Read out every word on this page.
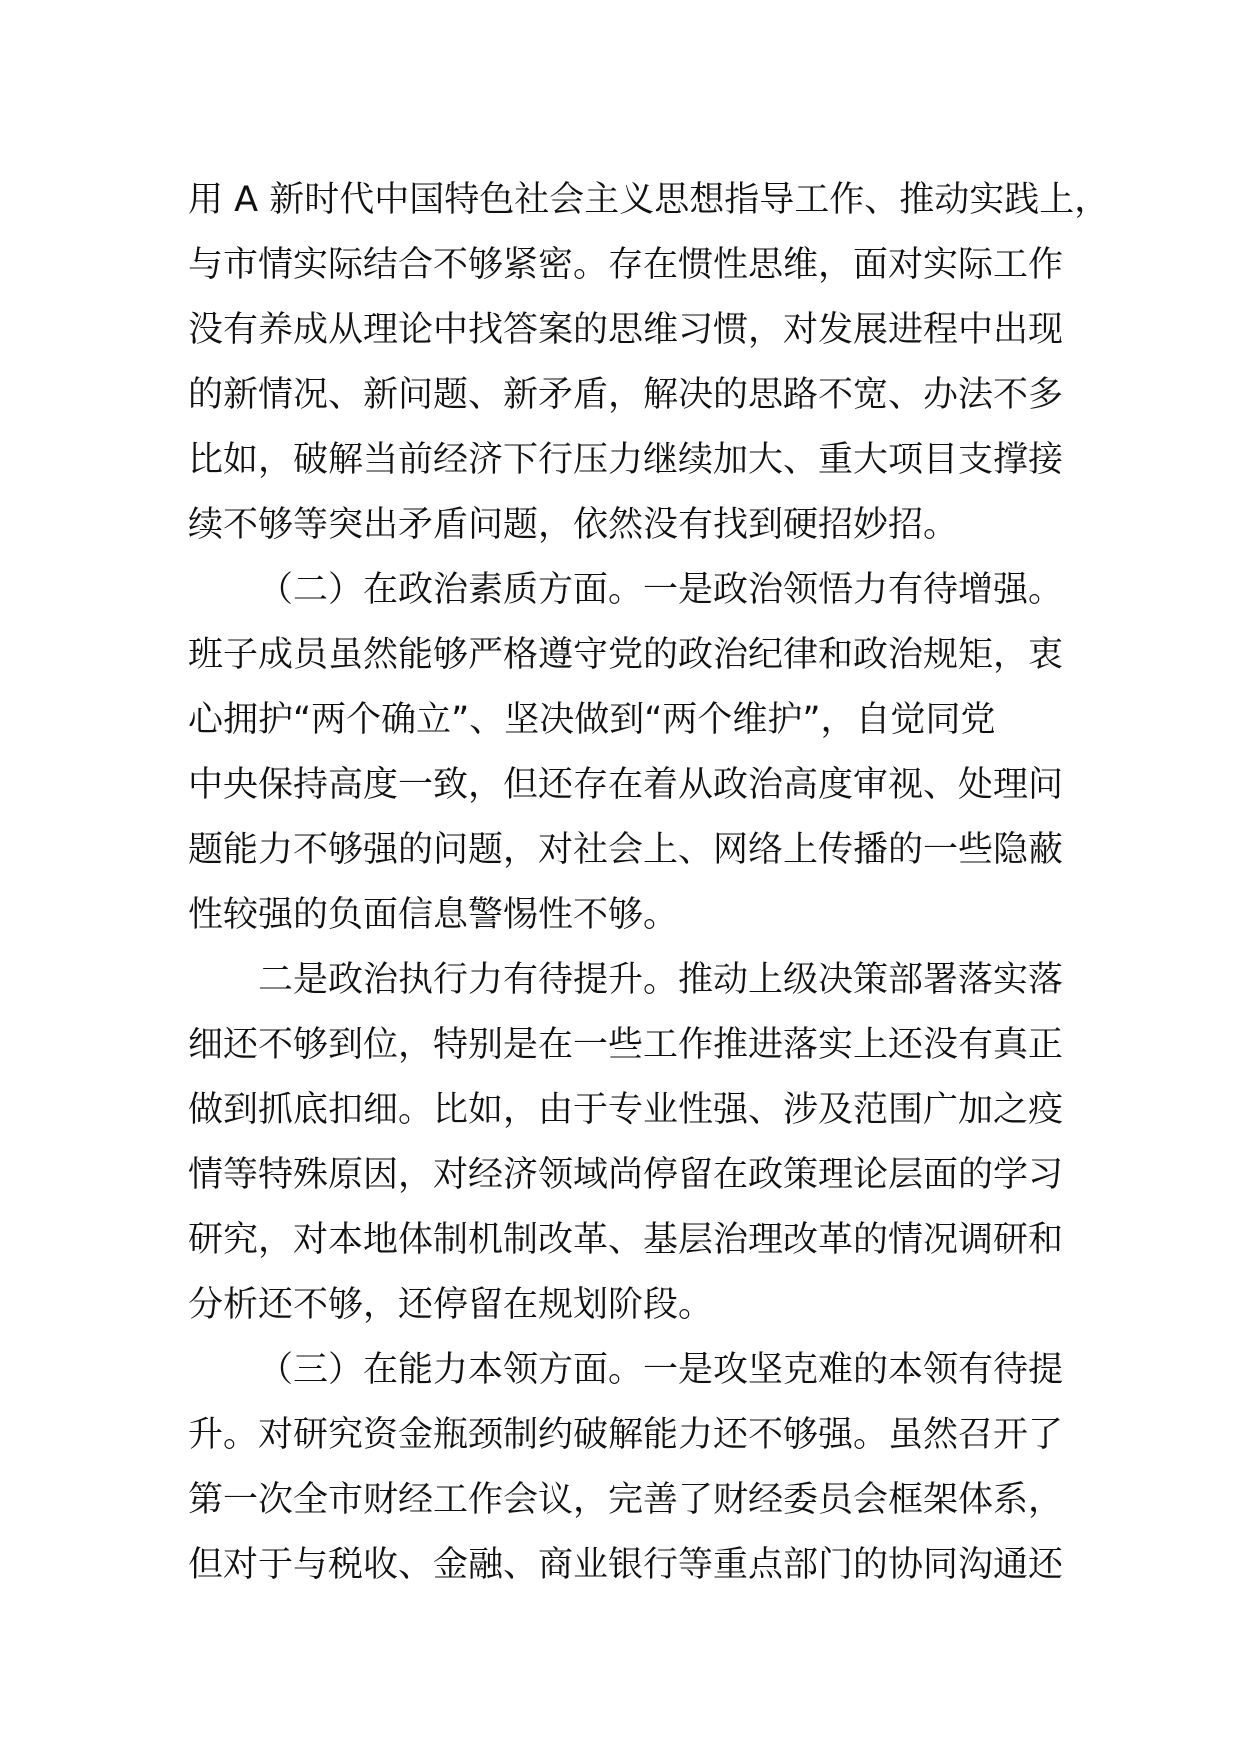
用 A 新时代中国特色社会主义思想指导工作、推动实践上，
与市情实际结合不够紧密。存在惯性思维，面对实际工作
没有养成从理论中找答案的思维习惯，对发展进程中出现
的新情况、新问题、新矛盾，解决的思路不宽、办法不多
比如，破解当前经济下行压力继续加大、重大项目支撑接
续不够等突出矛盾问题，依然没有找到硬招妙招。
（二）在政治素质方面。一是政治领悟力有待增强。
班子成员虽然能够严格遵守党的政治纪律和政治规矩，衷
心拥护“两个确立”、坚决做到“两个维护”，自觉同党
中央保持高度一致，但还存在着从政治高度审视、处理问
题能力不够强的问题，对社会上、网络上传播的一些隐蔽
性较强的负面信息警惕性不够。
二是政治执行力有待提升。推动上级决策部署落实落
细还不够到位，特别是在一些工作推进落实上还没有真正
做到抓底扣细。比如，由于专业性强、涉及范围广加之疫
情等特殊原因，对经济领域尚停留在政策理论层面的学习
研究，对本地体制机制改革、基层治理改革的情况调研和
分析还不够，还停留在规划阶段。
（三）在能力本领方面。一是攻坚克难的本领有待提
升。对研究资金瓶颈制约破解能力还不够强。虽然召开了
第一次全市财经工作会议，完善了财经委员会框架体系，
但对于与税收、金融、商业银行等重点部门的协同沟通还
